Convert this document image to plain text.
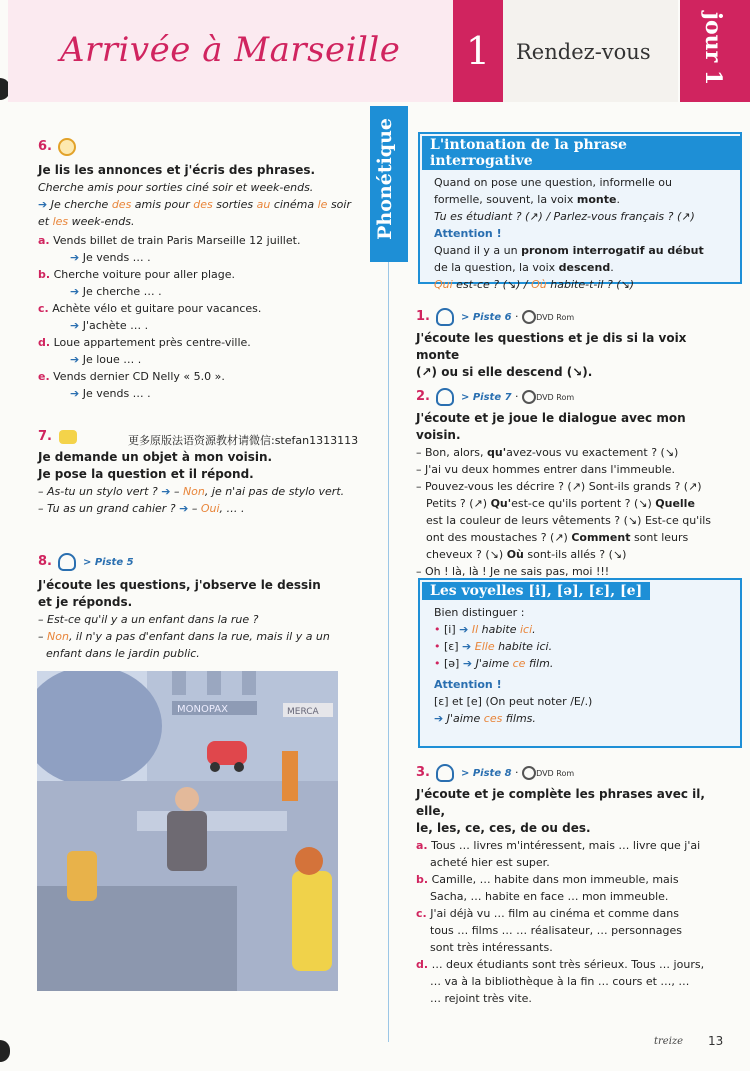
Arrivée à Marseille	1	Rendez-vous jour 1
Phonétique
6.
Je lis les annonces et j'écris des phrases.
Cherche amis pour sorties ciné soir et week-ends.
➔ Je cherche des amis pour des sorties au cinéma le soir
et les week-ends.
a. Vends billet de train Paris Marseille 12 juillet.
➔ Je vends … .
b. Cherche voiture pour aller plage.
➔ Je cherche … .
c. Achète vélo et guitare pour vacances.
➔ J'achète … .
d. Loue appartement près centre-ville.
➔ Je loue … .
e. Vends dernier CD Nelly « 5.0 ».
➔ Je vends … .
更多原版法语资源教材请微信:stefan1313113
7.
Je demande un objet à mon voisin.
Je pose la question et il répond.
– As-tu un stylo vert ? ➔ – Non, je n'ai pas de stylo vert.
– Tu as un grand cahier ? ➔ – Oui, … .
8.	> Piste 5
J'écoute les questions, j'observe le dessin
et je réponds.
– Est-ce qu'il y a un enfant dans la rue ?
– Non, il n'y a pas d'enfant dans la rue, mais il y a un
enfant dans le jardin public.
MONOPAX	MERCA
L'intonation de la phrase interrogative
Quand on pose une question, informelle ou
formelle, souvent, la voix monte.
Tu es étudiant ? (↗) / Parlez-vous français ? (↗)
Attention !
Quand il y a un pronom interrogatif au début
de la question, la voix descend.
Qui est-ce ? (↘) / Où habite-t-il ? (↘)
1.	> Piste 6 · DVD Rom
J'écoute les questions et je dis si la voix monte
(↗) ou si elle descend (↘).
2.	> Piste 7 · DVD Rom
J'écoute et je joue le dialogue avec mon voisin.
– Bon, alors, qu'avez-vous vu exactement ? (↘)
– J'ai vu deux hommes entrer dans l'immeuble.
– Pouvez-vous les décrire ? (↗) Sont-ils grands ? (↗)
Petits ? (↗) Qu'est-ce qu'ils portent ? (↘) Quelle
est la couleur de leurs vêtements ? (↘) Est-ce qu'ils
ont des moustaches ? (↗) Comment sont leurs
cheveux ? (↘) Où sont-ils allés ? (↘)
– Oh ! là, là ! Je ne sais pas, moi !!!
Les voyelles [i], [ə], [ɛ], [e]
Bien distinguer :
• [i] ➔ Il habite ici.
• [ɛ] ➔ Elle habite ici.
• [ə] ➔ J'aime ce film.
Attention !
[ɛ] et [e] (On peut noter /E/.)
➔ J'aime ces films.
3.	> Piste 8 · DVD Rom
J'écoute et je complète les phrases avec il, elle,
le, les, ce, ces, de ou des.
a. Tous … livres m'intéressent, mais … livre que j'ai
acheté hier est super.
b. Camille, … habite dans mon immeuble, mais
Sacha, … habite en face … mon immeuble.
c. J'ai déjà vu … film au cinéma et comme dans
tous … films … … réalisateur, … personnages
sont très intéressants.
d. … deux étudiants sont très sérieux. Tous … jours,
… va à la bibliothèque à la fin … cours et …, …
… rejoint très vite.
treize 13
